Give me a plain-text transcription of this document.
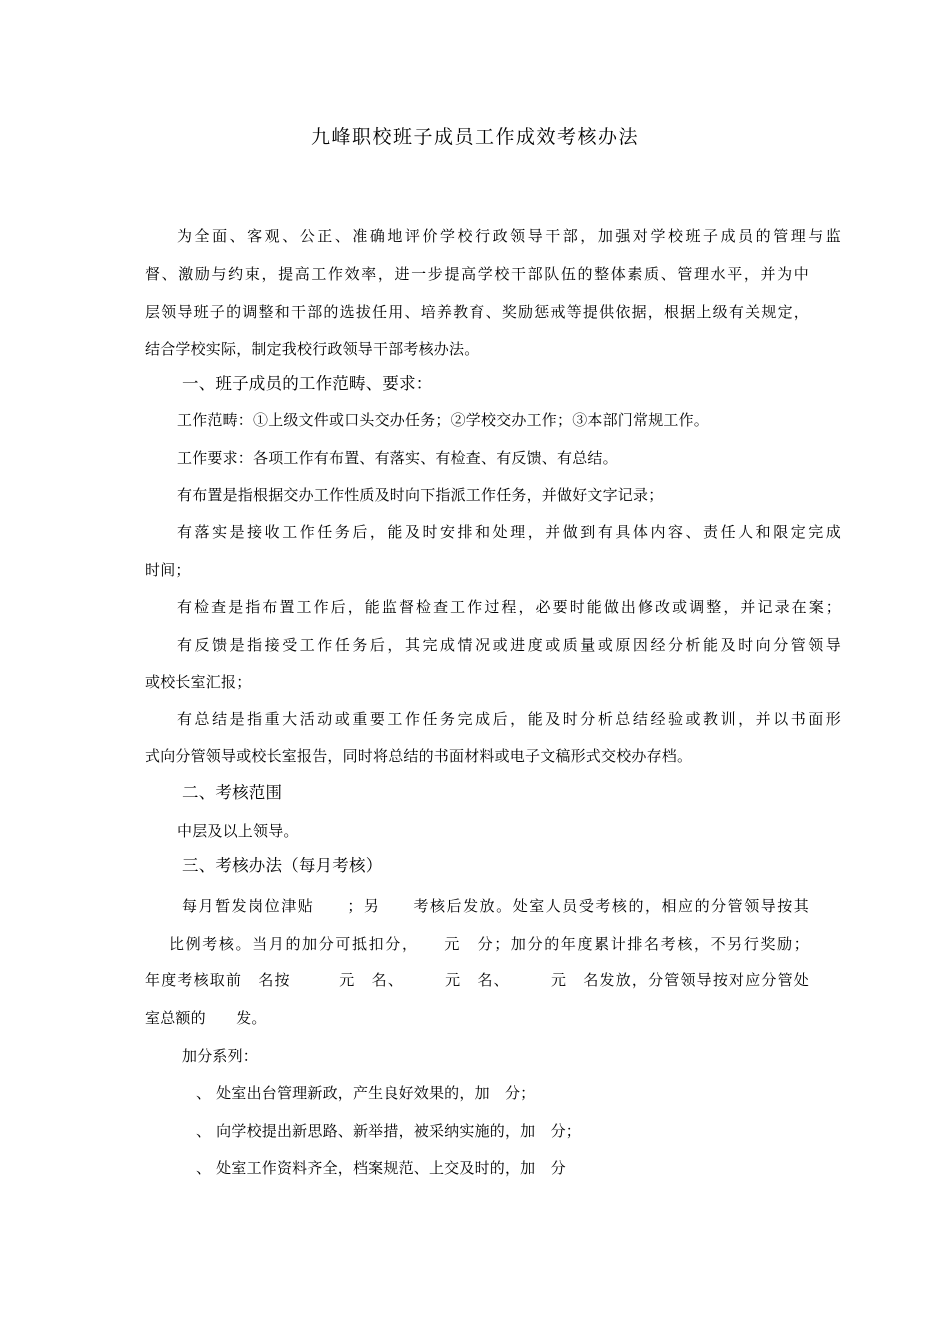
九峰职校班子成员工作成效考核办法
为全面、客观、公正、准确地评价学校行政领导干部，加强对学校班子成员的管理与监
督、激励与约束，提高工作效率，进一步提高学校干部队伍的整体素质、管理水平，并为中
层领导班子的调整和干部的选拔任用、培养教育、奖励惩戒等提供依据，根据上级有关规定，
结合学校实际，制定我校行政领导干部考核办法。
一、班子成员的工作范畴、要求：
工作范畴：①上级文件或口头交办任务；②学校交办工作；③本部门常规工作。
工作要求：各项工作有布置、有落实、有检查、有反馈、有总结。
有布置是指根据交办工作性质及时向下指派工作任务，并做好文字记录；
有落实是接收工作任务后，能及时安排和处理，并做到有具体内容、责任人和限定完成
时间；
有检查是指布置工作后，能监督检查工作过程，必要时能做出修改或调整，并记录在案；
有反馈是指接受工作任务后，其完成情况或进度或质量或原因经分析能及时向分管领导
或校长室汇报；
有总结是指重大活动或重要工作任务完成后，能及时分析总结经验或教训，并以书面形
式向分管领导或校长室报告，同时将总结的书面材料或电子文稿形式交校办存档。
二、考核范围
中层及以上领导。
三、考核办法（每月考核）
每月暂发岗位津贴　　；另　　考核后发放。处室人员受考核的，相应的分管领导按其
比例考核。当月的加分可抵扣分，　　元　分；加分的年度累计排名考核，不另行奖励；
年度考核取前　名按　　　元　名、　　　元　名、　　　元　名发放，分管领导按对应分管处
室总额的　　发。
加分系列：
、 处室出台管理新政，产生良好效果的，加　分；
、 向学校提出新思路、新举措，被采纳实施的，加　分；
、 处室工作资料齐全，档案规范、上交及时的，加　分
